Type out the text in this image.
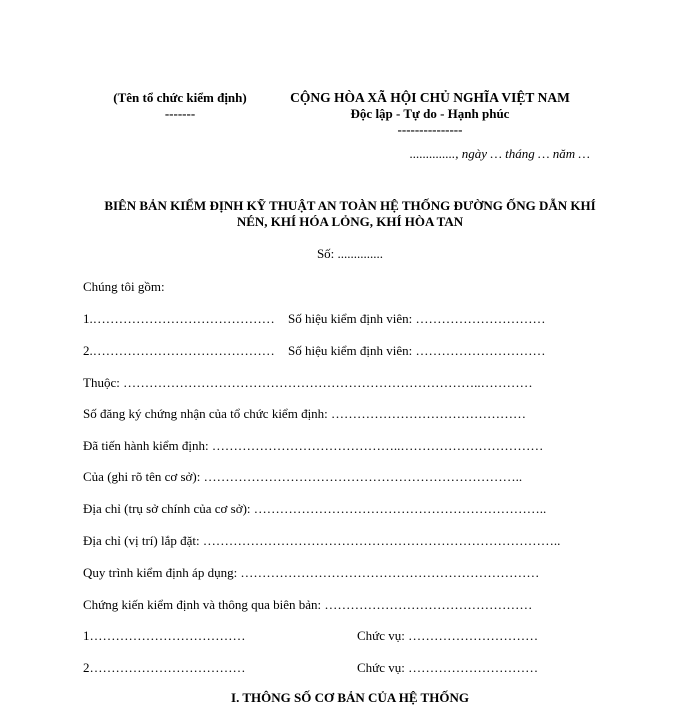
(Tên tổ chức kiểm định)
-------
CỘNG HÒA XÃ HỘI CHỦ NGHĨA VIỆT NAM
Độc lập - Tự do - Hạnh phúc
---------------
.............., ngày … tháng … năm …
BIÊN BẢN KIỂM ĐỊNH KỸ THUẬT AN TOÀN HỆ THỐNG ĐƯỜNG ỐNG DẪN KHÍ
NÉN, KHÍ HÓA LỎNG, KHÍ HÒA TAN
Số: ..............
Chúng tôi gồm:
1.…………………………………… Số hiệu kiểm định viên: …………………………
2.…………………………………… Số hiệu kiểm định viên: …………………………
Thuộc: ………………………………………………………………………..…………
Số đăng ký chứng nhận của tổ chức kiểm định: ………………………………………
Đã tiến hành kiểm định: ……………………………………..……………………………
Của (ghi rõ tên cơ sở): ………………………………………………………………..
Địa chỉ (trụ sở chính của cơ sở): …………………………………………………………..
Địa chỉ (vị trí) lắp đặt: ………………………………………………………………………..
Quy trình kiểm định áp dụng: ……………………………………………………………
Chứng kiến kiểm định và thông qua biên bản: …………………………………………
1………………………………	Chức vụ: …………………………
2………………………………	Chức vụ: …………………………
I. THÔNG SỐ CƠ BẢN CỦA HỆ THỐNG
